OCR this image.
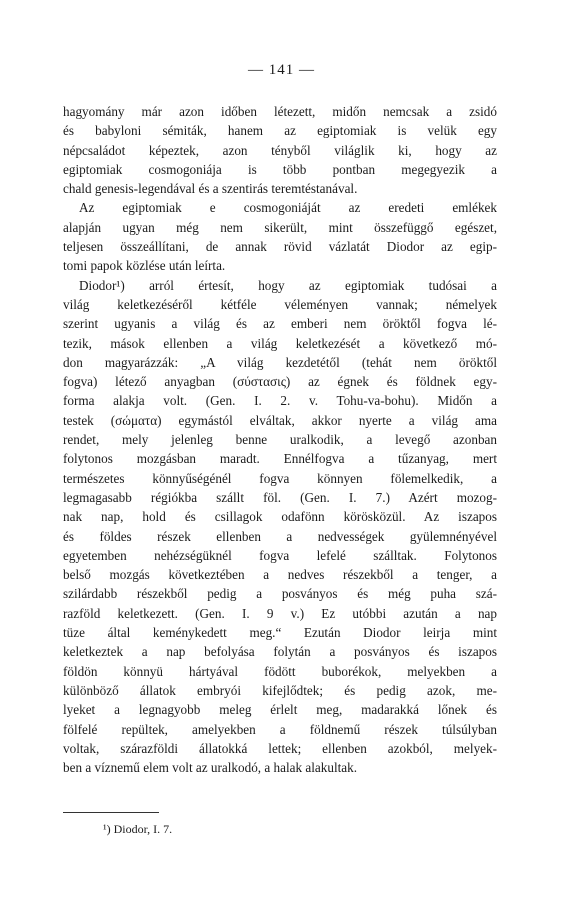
— 141 —
hagyomány már azon időben létezett, midőn nemcsak a zsidó
és babyloni sémiták, hanem az egiptomiak is velük egy
népcsaládot képeztek, azon tényből világlik ki, hogy az
egiptomiak cosmogoniája is több pontban megegyezik a
chald genesis-legendával és a szentirás teremtéstanával.
Az egiptomiak e cosmogoniáját az eredeti emlékek
alapján ugyan még nem sikerült, mint összefüggő egészet,
teljesen összeállítani, de annak rövid vázlatát Diodor az egip-
tomi papok közlése után leírta.
Diodor¹) arról értesít, hogy az egiptomiak tudósai a
világ keletkezéséről kétféle véleményen vannak; némelyek
szerint ugyanis a világ és az emberi nem öröktől fogva lé-
tezik, mások ellenben a világ keletkezését a következő mó-
don magyarázzák: „A világ kezdetétől (tehát nem öröktől
fogva) létező anyagban (σύστασις) az égnek és földnek egy-
forma alakja volt. (Gen. I. 2. v. Tohu-va-bohu). Midőn a
testek (σώματα) egymástól elváltak, akkor nyerte a világ ama
rendet, mely jelenleg benne uralkodik, a levegő azonban
folytonos mozgásban maradt. Ennélfogva a tűzanyag, mert
természetes könnyűségénél fogva könnyen fölemelkedik, a
legmagasabb régiókba szállt föl. (Gen. I. 7.) Azért mozog-
nak nap, hold és csillagok odafönn körösközül. Az iszapos
és földes részek ellenben a nedvességek gyülemnényével
egyetemben nehézségüknél fogva lefelé szálltak. Folytonos
belső mozgás következtében a nedves részekből a tenger, a
szilárdabb részekből pedig a posványos és még puha szá-
razföld keletkezett. (Gen. I. 9 v.) Ez utóbbi azután a nap
tüze által keménykedett meg.“ Ezután Diodor leirja mint
keletkeztek a nap befolyása folytán a posványos és iszapos
földön könnyü hártyával födött buborékok, melyekben a
különböző állatok embryói kifejlődtek; és pedig azok, me-
lyeket a legnagyobb meleg érlelt meg, madarakká lőnek és
fölfelé repültek, amelyekben a földnemű részek túlsúlyban
voltak, szárazföldi állatokká lettek; ellenben azokból, melyek-
ben a víznemű elem volt az uralkodó, a halak alakultak.
¹) Diodor, I. 7.
